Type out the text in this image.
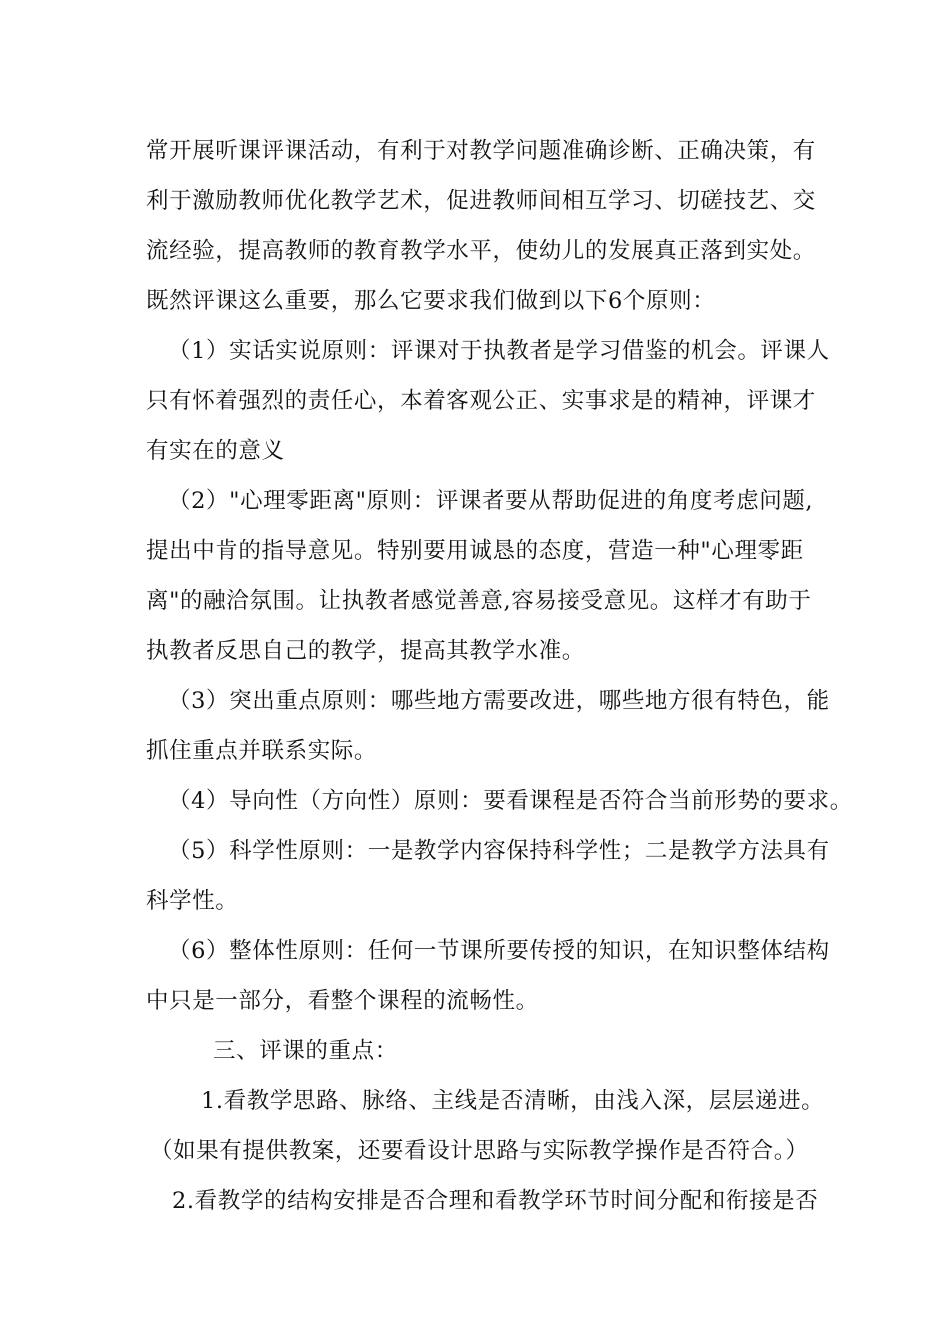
常开展听课评课活动，有利于对教学问题准确诊断、正确决策，有
利于激励教师优化教学艺术，促进教师间相互学习、切磋技艺、交
流经验，提高教师的教育教学水平，使幼儿的发展真正落到实处。
既然评课这么重要，那么它要求我们做到以下6个原则：
（1）实话实说原则：评课对于执教者是学习借鉴的机会。评课人
只有怀着强烈的责任心，本着客观公正、实事求是的精神，评课才
有实在的意义
（2）"心理零距离"原则：评课者要从帮助促进的角度考虑问题,
提出中肯的指导意见。特别要用诚恳的态度，营造一种"心理零距
离"的融洽氛围。让执教者感觉善意,容易接受意见。这样才有助于
执教者反思自己的教学，提高其教学水准。
（3）突出重点原则：哪些地方需要改进，哪些地方很有特色，能
抓住重点并联系实际。
（4）导向性（方向性）原则：要看课程是否符合当前形势的要求。
（5）科学性原则：一是教学内容保持科学性；二是教学方法具有
科学性。
（6）整体性原则：任何一节课所要传授的知识，在知识整体结构
中只是一部分，看整个课程的流畅性。
三、评课的重点：
1.看教学思路、脉络、主线是否清晰，由浅入深，层层递进。
（如果有提供教案，还要看设计思路与实际教学操作是否符合。）
2.看教学的结构安排是否合理和看教学环节时间分配和衔接是否
